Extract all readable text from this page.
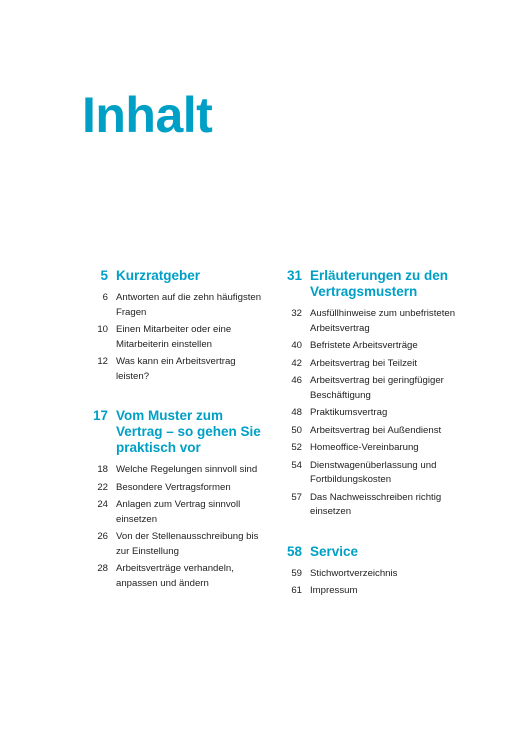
Inhalt
5 Kurzratgeber
6 Antworten auf die zehn häufigsten Fragen
10 Einen Mitarbeiter oder eine Mitarbeiterin einstellen
12 Was kann ein Arbeitsvertrag leisten?
17 Vom Muster zum Vertrag – so gehen Sie praktisch vor
18 Welche Regelungen sinnvoll sind
22 Besondere Vertragsformen
24 Anlagen zum Vertrag sinnvoll einsetzen
26 Von der Stellenausschreibung bis zur Einstellung
28 Arbeitsverträge verhandeln, anpassen und ändern
31 Erläuterungen zu den Vertragsmustern
32 Ausfüllhinweise zum unbefristeten Arbeitsvertrag
40 Befristete Arbeitsverträge
42 Arbeitsvertrag bei Teilzeit
46 Arbeitsvertrag bei geringfügiger Beschäftigung
48 Praktikumsvertrag
50 Arbeitsvertrag bei Außendienst
52 Homeoffice-Vereinbarung
54 Dienstwagenüberlassung und Fortbildungskosten
57 Das Nachweisschreiben richtig einsetzen
58 Service
59 Stichwortverzeichnis
61 Impressum
